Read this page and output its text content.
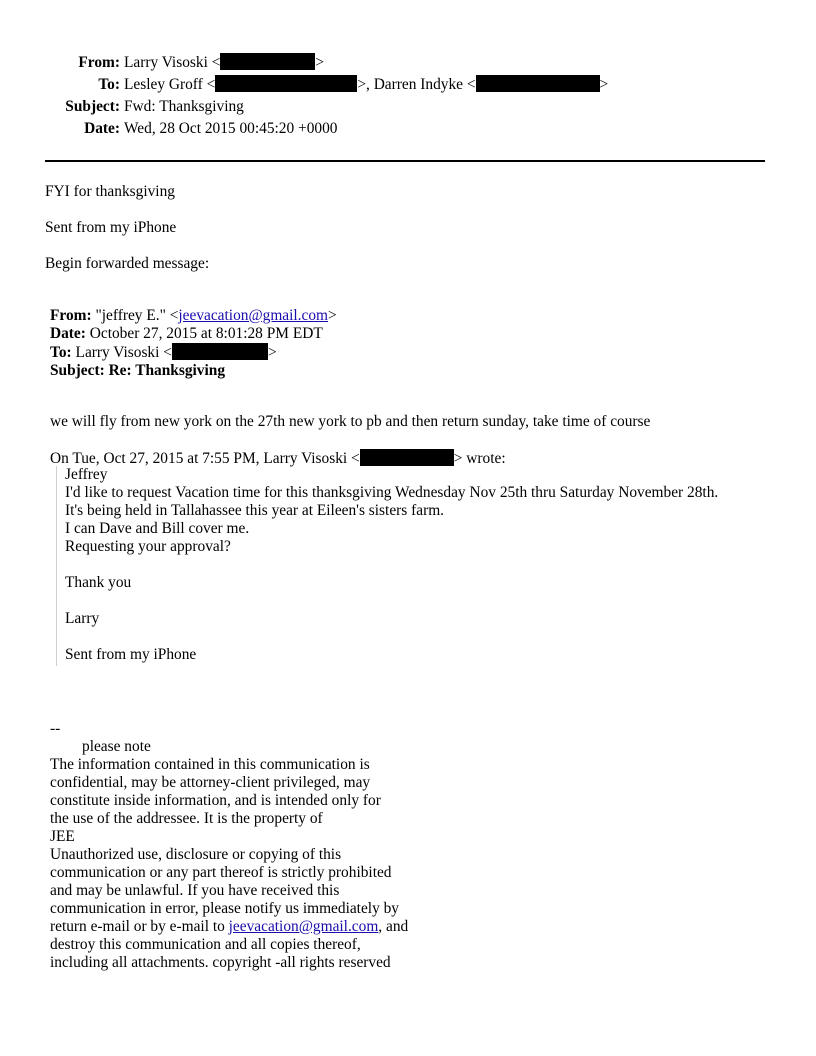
From: Larry Visoski <	>
To: Lesley Groff <	>, Darren Indyke <	>
Subject: Fwd: Thanksgiving
Date: Wed, 28 Oct 2015 00:45:20 +0000
FYI for thanksgiving
Sent from my iPhone
Begin forwarded message:
From: "jeffrey E." <jeevacation@gmail.com>
Date: October 27, 2015 at 8:01:28 PM EDT
To: Larry Visoski <	>
Subject: Re: Thanksgiving
we will fly from new york on the 27th new york to pb and then return sunday, take time of course
On Tue, Oct 27, 2015 at 7:55 PM, Larry Visoski <	> wrote:
Jeffrey
I'd like to request Vacation time for this thanksgiving Wednesday Nov 25th thru Saturday November 28th.
It's being held in Tallahassee this year at Eileen's sisters farm.
I can Dave and Bill cover me.
Requesting your approval?
Thank you
Larry
Sent from my iPhone
--
please note
The information contained in this communication is
confidential, may be attorney-client privileged, may
constitute inside information, and is intended only for
the use of the addressee. It is the property of
JEE
Unauthorized use, disclosure or copying of this
communication or any part thereof is strictly prohibited
and may be unlawful. If you have received this
communication in error, please notify us immediately by
return e-mail or by e-mail to jeevacation@gmail.com, and
destroy this communication and all copies thereof,
including all attachments. copyright -all rights reserved
